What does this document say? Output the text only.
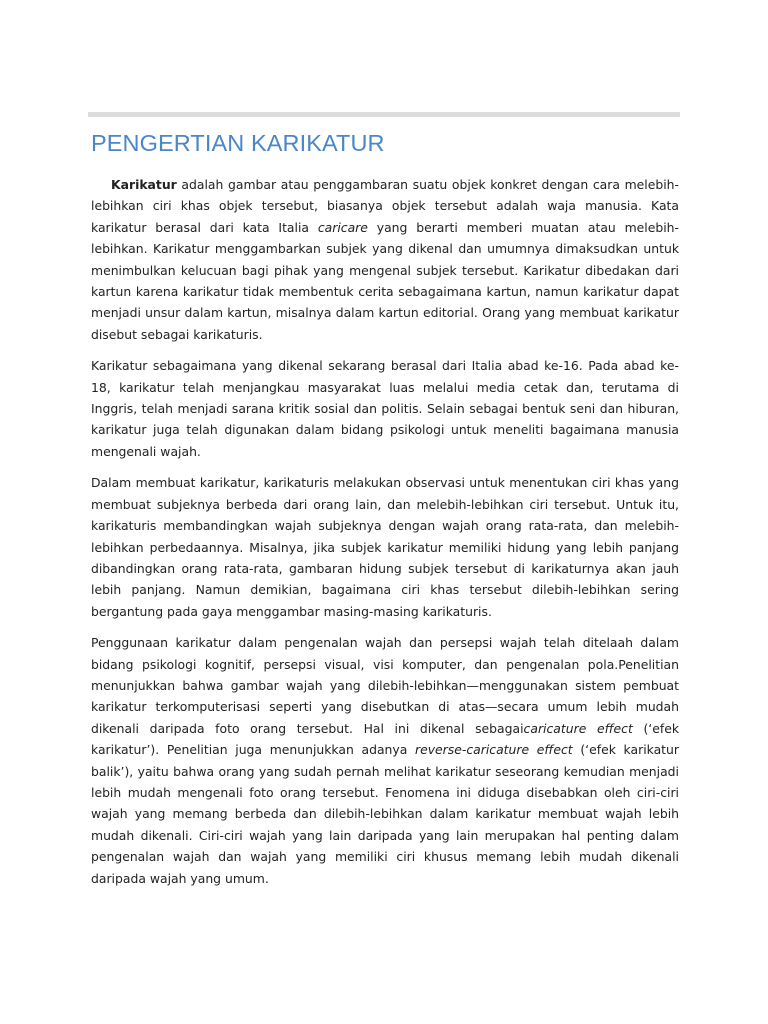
PENGERTIAN KARIKATUR

Karikatur adalah gambar atau penggambaran suatu objek konkret dengan cara melebih-lebihkan ciri khas objek tersebut, biasanya objek tersebut adalah waja manusia. Kata karikatur berasal dari kata Italia caricare yang berarti memberi muatan atau melebih-lebihkan. Karikatur menggambarkan subjek yang dikenal dan umumnya dimaksudkan untuk menimbulkan kelucuan bagi pihak yang mengenal subjek tersebut. Karikatur dibedakan dari kartun karena karikatur tidak membentuk cerita sebagaimana kartun, namun karikatur dapat menjadi unsur dalam kartun, misalnya dalam kartun editorial. Orang yang membuat karikatur disebut sebagai karikaturis.

Karikatur sebagaimana yang dikenal sekarang berasal dari Italia abad ke-16. Pada abad ke-18, karikatur telah menjangkau masyarakat luas melalui media cetak dan, terutama di Inggris, telah menjadi sarana kritik sosial dan politis. Selain sebagai bentuk seni dan hiburan, karikatur juga telah digunakan dalam bidang psikologi untuk meneliti bagaimana manusia mengenali wajah.

Dalam membuat karikatur, karikaturis melakukan observasi untuk menentukan ciri khas yang membuat subjeknya berbeda dari orang lain, dan melebih-lebihkan ciri tersebut. Untuk itu, karikaturis membandingkan wajah subjeknya dengan wajah orang rata-rata, dan melebih-lebihkan perbedaannya. Misalnya, jika subjek karikatur memiliki hidung yang lebih panjang dibandingkan orang rata-rata, gambaran hidung subjek tersebut di karikaturnya akan jauh lebih panjang. Namun demikian, bagaimana ciri khas tersebut dilebih-lebihkan sering bergantung pada gaya menggambar masing-masing karikaturis.

Penggunaan karikatur dalam pengenalan wajah dan persepsi wajah telah ditelaah dalam bidang psikologi kognitif, persepsi visual, visi komputer, dan pengenalan pola.Penelitian menunjukkan bahwa gambar wajah yang dilebih-lebihkan—menggunakan sistem pembuat karikatur terkomputerisasi seperti yang disebutkan di atas—secara umum lebih mudah dikenali daripada foto orang tersebut. Hal ini dikenal sebagaicaricature effect (‘efek karikatur’). Penelitian juga menunjukkan adanya reverse-caricature effect (‘efek karikatur balik’), yaitu bahwa orang yang sudah pernah melihat karikatur seseorang kemudian menjadi lebih mudah mengenali foto orang tersebut. Fenomena ini diduga disebabkan oleh ciri-ciri wajah yang memang berbeda dan dilebih-lebihkan dalam karikatur membuat wajah lebih mudah dikenali. Ciri-ciri wajah yang lain daripada yang lain merupakan hal penting dalam pengenalan wajah dan wajah yang memiliki ciri khusus memang lebih mudah dikenali daripada wajah yang umum.
